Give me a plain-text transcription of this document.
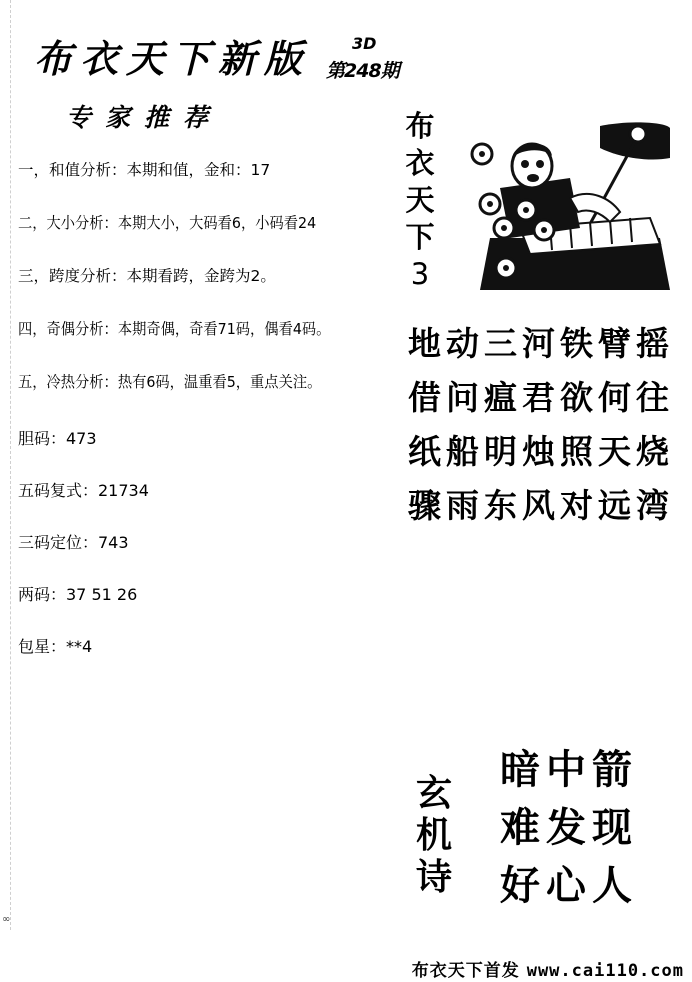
布衣天下新版	3D
第248期
专家推荐
一，和值分析：本期和值，金和：17
二，大小分析：本期大小，大码看6，小码看24
三，跨度分析：本期看跨，金跨为2。
四，奇偶分析：本期奇偶，奇看71码，偶看4码。
五，冷热分析：热有6码，温重看5，重点关注。
胆码：473
五码复式：21734
三码定位：743
两码：37 51 26
包星：**4
布
衣
天
下
3
地动三河铁臂摇
借问瘟君欲何往
纸船明烛照天烧
骤雨东风对远湾
玄
机
诗
暗中箭
难发现
好心人
布衣天下首发 www.cai110.com
∞
